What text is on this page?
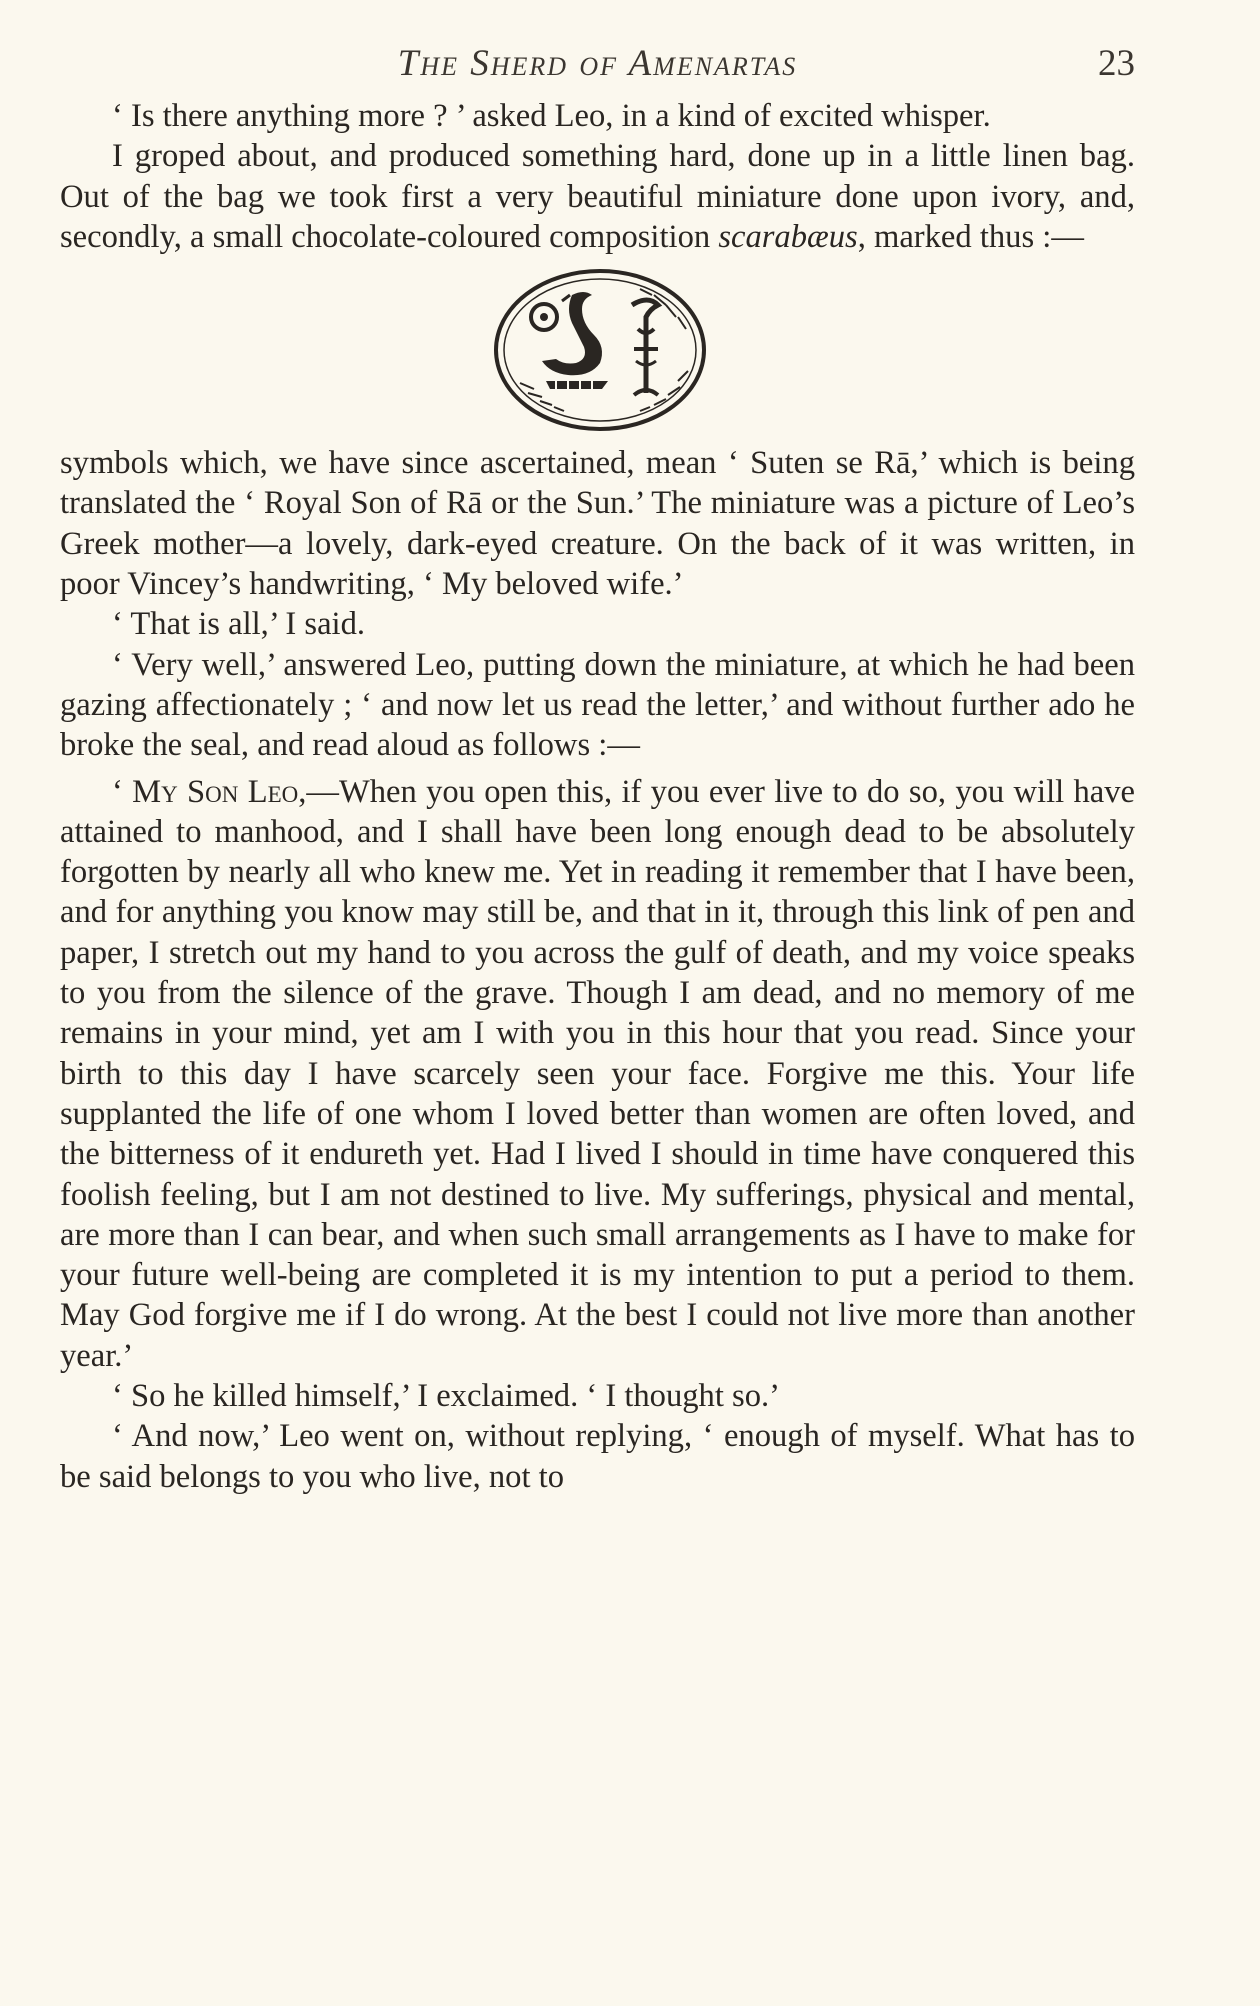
The Sherd of Amenartas	23

‘ Is there anything more ? ’ asked Leo, in a kind of excited whisper.

I groped about, and produced something hard, done up in a little linen bag. Out of the bag we took first a very beautiful miniature done upon ivory, and, secondly, a small chocolate-coloured composition scarabæus, marked thus :—

symbols which, we have since ascertained, mean ‘ Suten se Rā,’ which is being translated the ‘ Royal Son of Rā or the Sun.’ The miniature was a picture of Leo’s Greek mother—a lovely, dark-eyed creature. On the back of it was written, in poor Vincey’s handwriting, ‘ My beloved wife.’

‘ That is all,’ I said.

‘ Very well,’ answered Leo, putting down the miniature, at which he had been gazing affectionately ; ‘ and now let us read the letter,’ and without further ado he broke the seal, and read aloud as follows :—

‘ My Son Leo,—When you open this, if you ever live to do so, you will have attained to manhood, and I shall have been long enough dead to be absolutely forgotten by nearly all who knew me. Yet in reading it remember that I have been, and for anything you know may still be, and that in it, through this link of pen and paper, I stretch out my hand to you across the gulf of death, and my voice speaks to you from the silence of the grave. Though I am dead, and no memory of me remains in your mind, yet am I with you in this hour that you read. Since your birth to this day I have scarcely seen your face. Forgive me this. Your life supplanted the life of one whom I loved better than women are often loved, and the bitterness of it endureth yet. Had I lived I should in time have conquered this foolish feeling, but I am not destined to live. My sufferings, physical and mental, are more than I can bear, and when such small arrangements as I have to make for your future well-being are completed it is my intention to put a period to them. May God forgive me if I do wrong. At the best I could not live more than another year.’

‘ So he killed himself,’ I exclaimed. ‘ I thought so.’

‘ And now,’ Leo went on, without replying, ‘ enough of myself. What has to be said belongs to you who live, not to
